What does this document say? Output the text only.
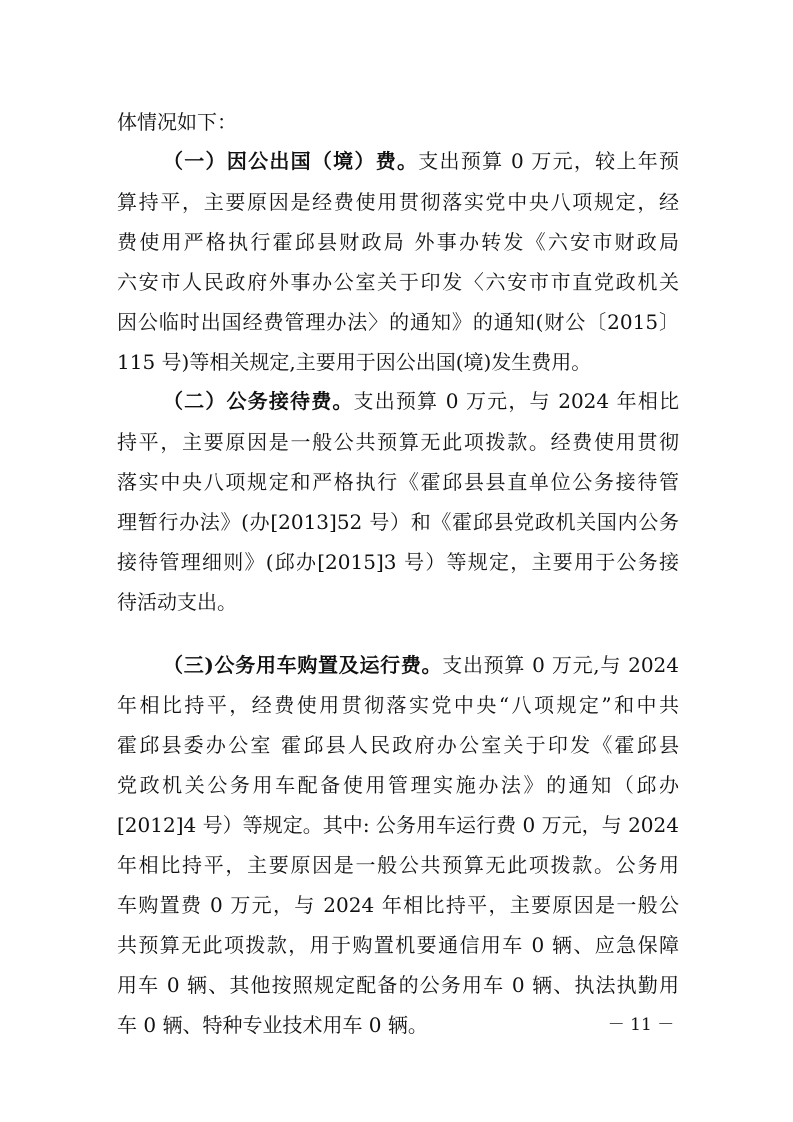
体情况如下：
（一）因公出国（境）费。支出预算 0 万元，较上年预
算持平，主要原因是经费使用贯彻落实党中央八项规定，经
费使用严格执行霍邱县财政局 外事办转发《六安市财政局
六安市人民政府外事办公室关于印发〈六安市市直党政机关
因公临时出国经费管理办法〉的通知》的通知(财公〔2015〕
115 号)等相关规定,主要用于因公出国(境)发生费用。
（二）公务接待费。支出预算 0 万元，与 2024 年相比
持平，主要原因是一般公共预算无此项拨款。经费使用贯彻
落实中央八项规定和严格执行《霍邱县县直单位公务接待管
理暂行办法》(办[2013]52 号）和《霍邱县党政机关国内公务
接待管理细则》(邱办[2015]3 号）等规定，主要用于公务接
待活动支出。
（三)公务用车购置及运行费。支出预算 0 万元,与 2024
年相比持平，经费使用贯彻落实党中央“八项规定”和中共
霍邱县委办公室 霍邱县人民政府办公室关于印发《霍邱县
党政机关公务用车配备使用管理实施办法》的通知（邱办
[2012]4 号）等规定。其中: 公务用车运行费 0 万元，与 2024
年相比持平，主要原因是一般公共预算无此项拨款。公务用
车购置费 0 万元，与 2024 年相比持平，主要原因是一般公
共预算无此项拨款，用于购置机要通信用车 0 辆、应急保障
用车 0 辆、其他按照规定配备的公务用车 0 辆、执法执勤用
车 0 辆、特种专业技术用车 0 辆。	－ 11 －
